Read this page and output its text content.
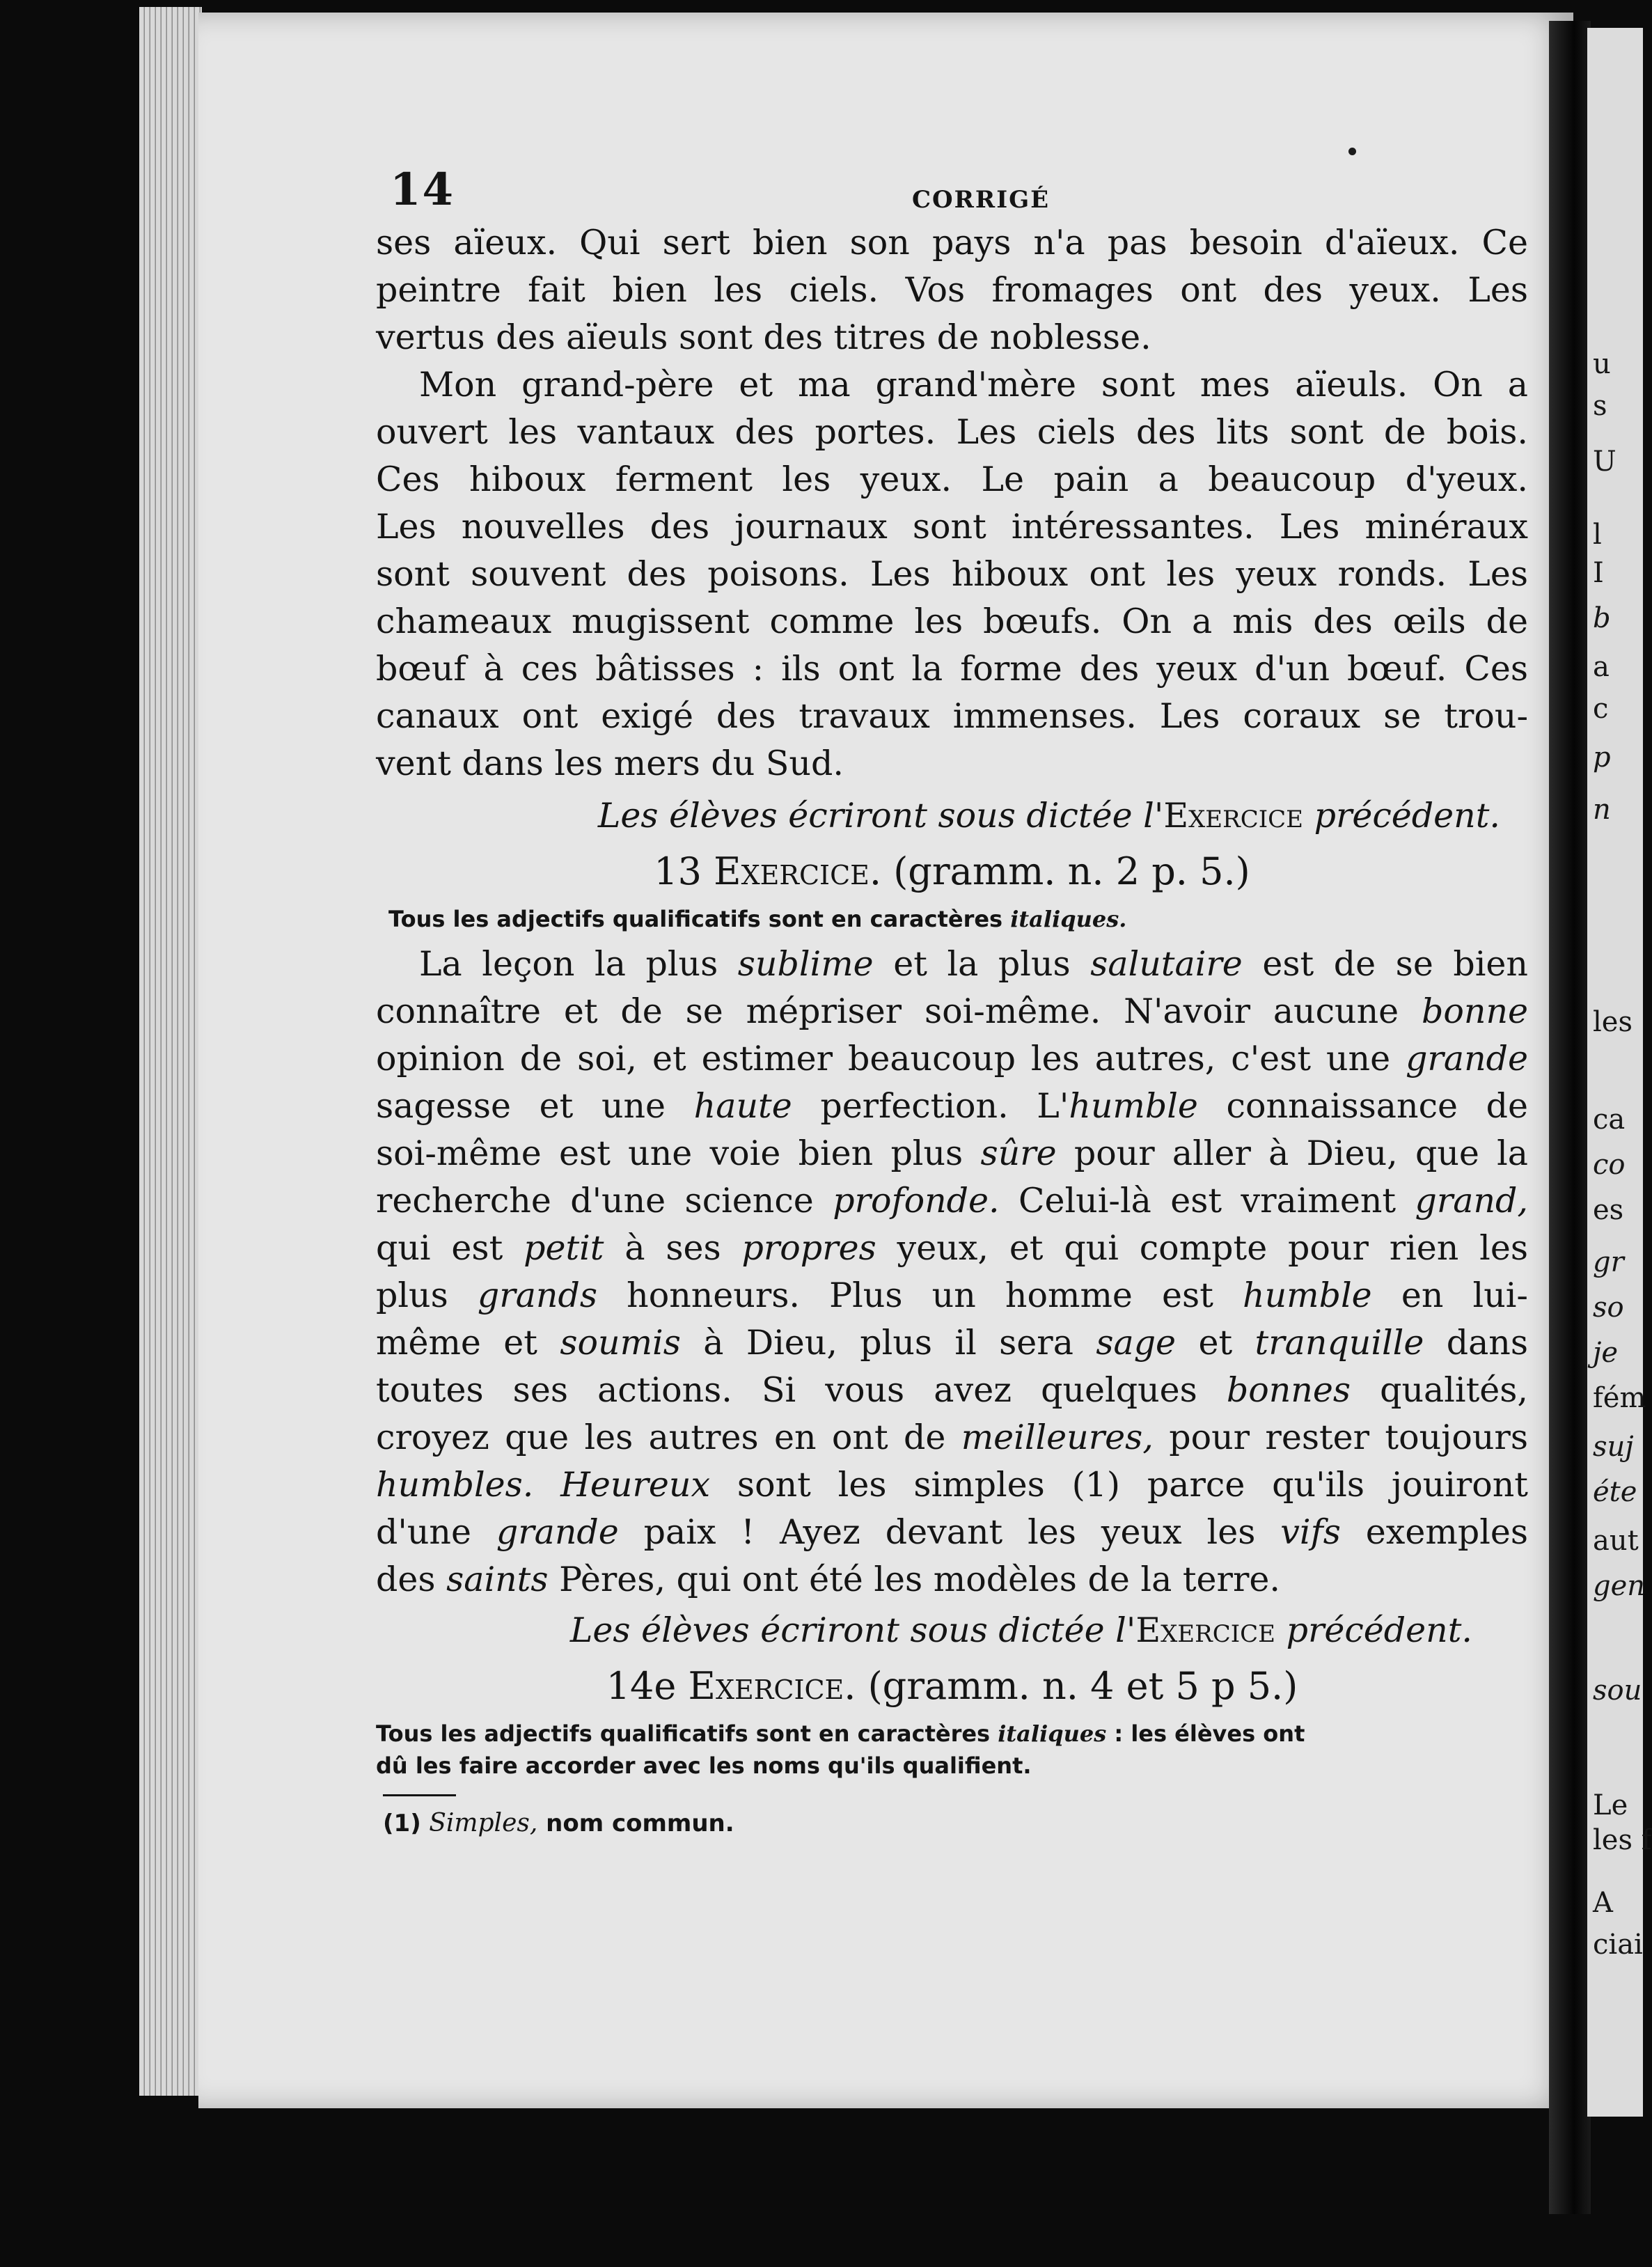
u
s
U
l
I
b
a
c
p
n
les
ca
co
es
gr
so
je
fém
suj
éte
aut
gen
sou
Le
les f
A
ciai
14	CORRIGÉ
ses aïeux. Qui sert bien son pays n'a pas besoin d'aïeux. Ce
peintre fait bien les ciels. Vos fromages ont des yeux. Les
vertus des aïeuls sont des titres de noblesse.
Mon grand-père et ma grand'mère sont mes aïeuls. On a
ouvert les vantaux des portes. Les ciels des lits sont de bois.
Ces hiboux ferment les yeux. Le pain a beaucoup d'yeux.
Les nouvelles des journaux sont intéressantes. Les minéraux
sont souvent des poisons. Les hiboux ont les yeux ronds. Les
chameaux mugissent comme les bœufs. On a mis des œils de
bœuf à ces bâtisses : ils ont la forme des yeux d'un bœuf. Ces
canaux ont exigé des travaux immenses. Les coraux se trou-
vent dans les mers du Sud.
Les élèves écriront sous dictée l'Exercice précédent.
13 Exercice. (gramm. n. 2 p. 5.)
Tous les adjectifs qualificatifs sont en caractères italiques.
La leçon la plus sublime et la plus salutaire est de se bien
connaître et de se mépriser soi-même. N'avoir aucune bonne
opinion de soi, et estimer beaucoup les autres, c'est une grande
sagesse et une haute perfection. L'humble connaissance de
soi-même est une voie bien plus sûre pour aller à Dieu, que la
recherche d'une science profonde. Celui-là est vraiment grand,
qui est petit à ses propres yeux, et qui compte pour rien les
plus grands honneurs. Plus un homme est humble en lui-
même et soumis à Dieu, plus il sera sage et tranquille dans
toutes ses actions. Si vous avez quelques bonnes qualités,
croyez que les autres en ont de meilleures, pour rester toujours
humbles. Heureux sont les simples (1) parce qu'ils jouiront
d'une grande paix ! Ayez devant les yeux les vifs exemples
des saints Pères, qui ont été les modèles de la terre.
Les élèves écriront sous dictée l'Exercice précédent.
14e Exercice. (gramm. n. 4 et 5 p 5.)
Tous les adjectifs qualificatifs sont en caractères italiques : les élèves ont
dû les faire accorder avec les noms qu'ils qualifient.
(1) Simples, nom commun.
